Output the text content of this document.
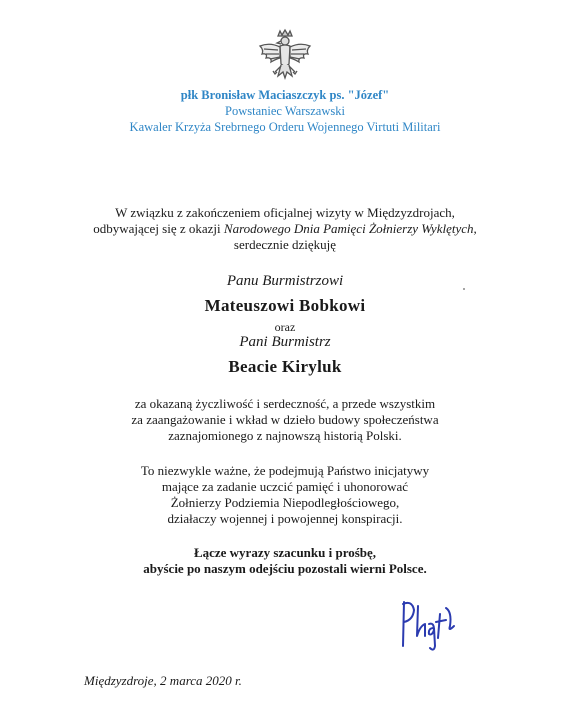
płk Bronisław Maciaszczyk ps. "Józef"
Powstaniec Warszawski
Kawaler Krzyża Srebrnego Orderu Wojennego Virtuti Militari
W związku z zakończeniem oficjalnej wizyty w Międzyzdrojach,
odbywającej się z okazji Narodowego Dnia Pamięci Żołnierzy Wyklętych,
serdecznie dziękuję
Panu Burmistrzowi
Mateuszowi Bobkowi
oraz
Pani Burmistrz
Beacie Kiryluk
za okazaną życzliwość i serdeczność, a przede wszystkim
za zaangażowanie i wkład w dzieło budowy społeczeństwa
zaznajomionego z najnowszą historią Polski.
To niezwykle ważne, że podejmują Państwo inicjatywy
mające za zadanie uczcić pamięć i uhonorować
Żołnierzy Podziemia Niepodległościowego,
działaczy wojennej i powojennej konspiracji.
Łącze wyrazy szacunku i prośbę,
abyście po naszym odejściu pozostali wierni Polsce.
Międzyzdroje, 2 marca 2020 r.
